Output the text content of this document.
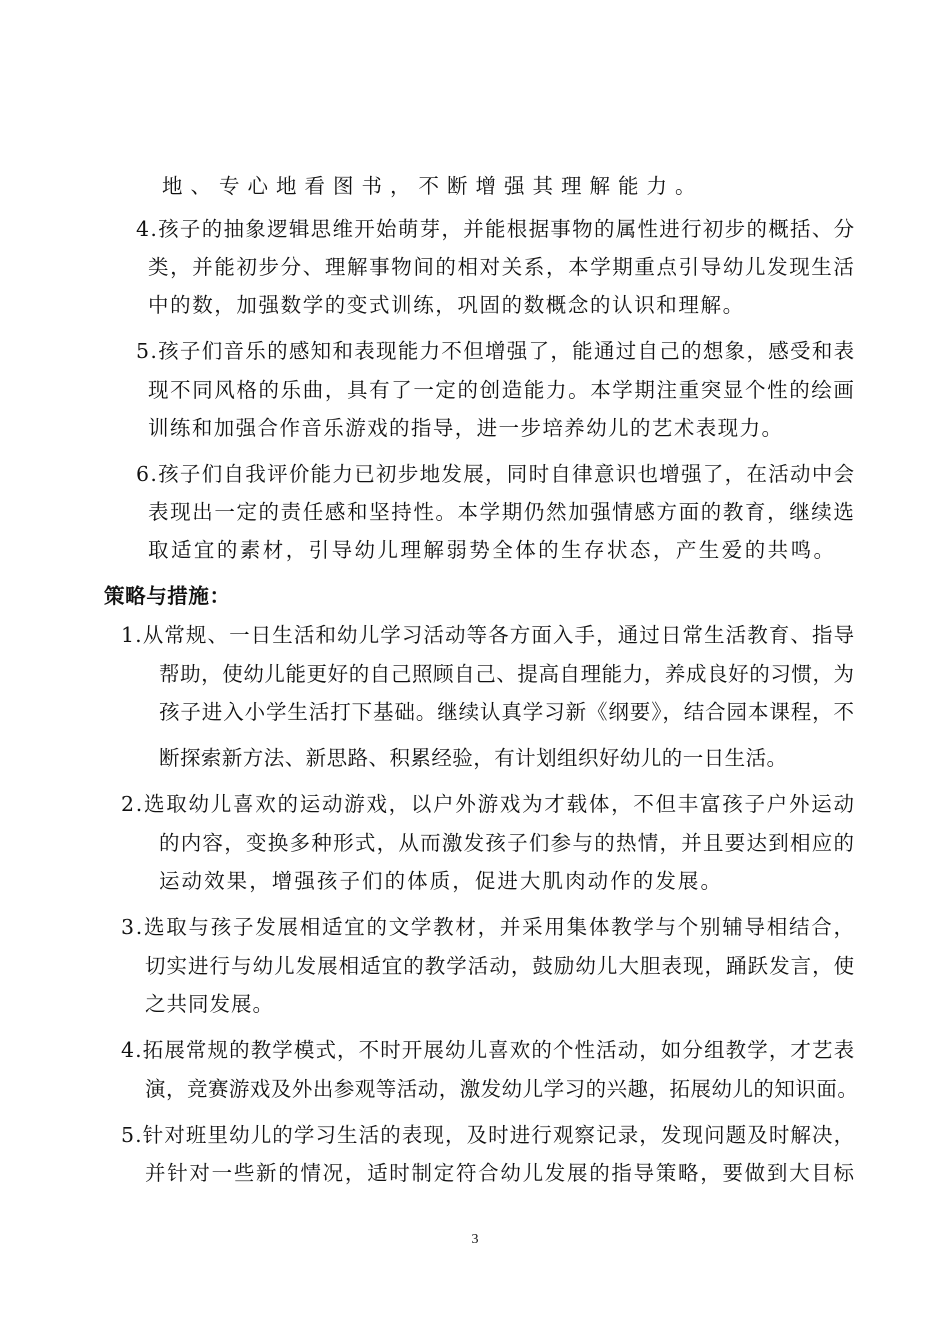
地、专心地看图书，不断增强其理解能力。
4.孩子的抽象逻辑思维开始萌芽，并能根据事物的属性进行初步的概括、分
类，并能初步分、理解事物间的相对关系，本学期重点引导幼儿发现生活
中的数，加强数学的变式训练，巩固的数概念的认识和理解。
5.孩子们音乐的感知和表现能力不但增强了，能通过自己的想象，感受和表
现不同风格的乐曲，具有了一定的创造能力。本学期注重突显个性的绘画
训练和加强合作音乐游戏的指导，进一步培养幼儿的艺术表现力。
6.孩子们自我评价能力已初步地发展，同时自律意识也增强了，在活动中会
表现出一定的责任感和坚持性。本学期仍然加强情感方面的教育，继续选
取适宜的素材，引导幼儿理解弱势全体的生存状态，产生爱的共鸣。
策略与措施：
1.从常规、一日生活和幼儿学习活动等各方面入手，通过日常生活教育、指导
帮助，使幼儿能更好的自己照顾自己、提高自理能力，养成良好的习惯，为
孩子进入小学生活打下基础。继续认真学习新《纲要》，结合园本课程，不
断探索新方法、新思路、积累经验，有计划组织好幼儿的一日生活。
2.选取幼儿喜欢的运动游戏，以户外游戏为才载体，不但丰富孩子户外运动
的内容，变换多种形式，从而激发孩子们参与的热情，并且要达到相应的
运动效果，增强孩子们的体质，促进大肌肉动作的发展。
3.选取与孩子发展相适宜的文学教材，并采用集体教学与个别辅导相结合，
切实进行与幼儿发展相适宜的教学活动，鼓励幼儿大胆表现，踊跃发言，使
之共同发展。
4.拓展常规的教学模式，不时开展幼儿喜欢的个性活动，如分组教学，才艺表
演，竞赛游戏及外出参观等活动，激发幼儿学习的兴趣，拓展幼儿的知识面。
5.针对班里幼儿的学习生活的表现，及时进行观察记录，发现问题及时解决，
并针对一些新的情况，适时制定符合幼儿发展的指导策略，要做到大目标
3
